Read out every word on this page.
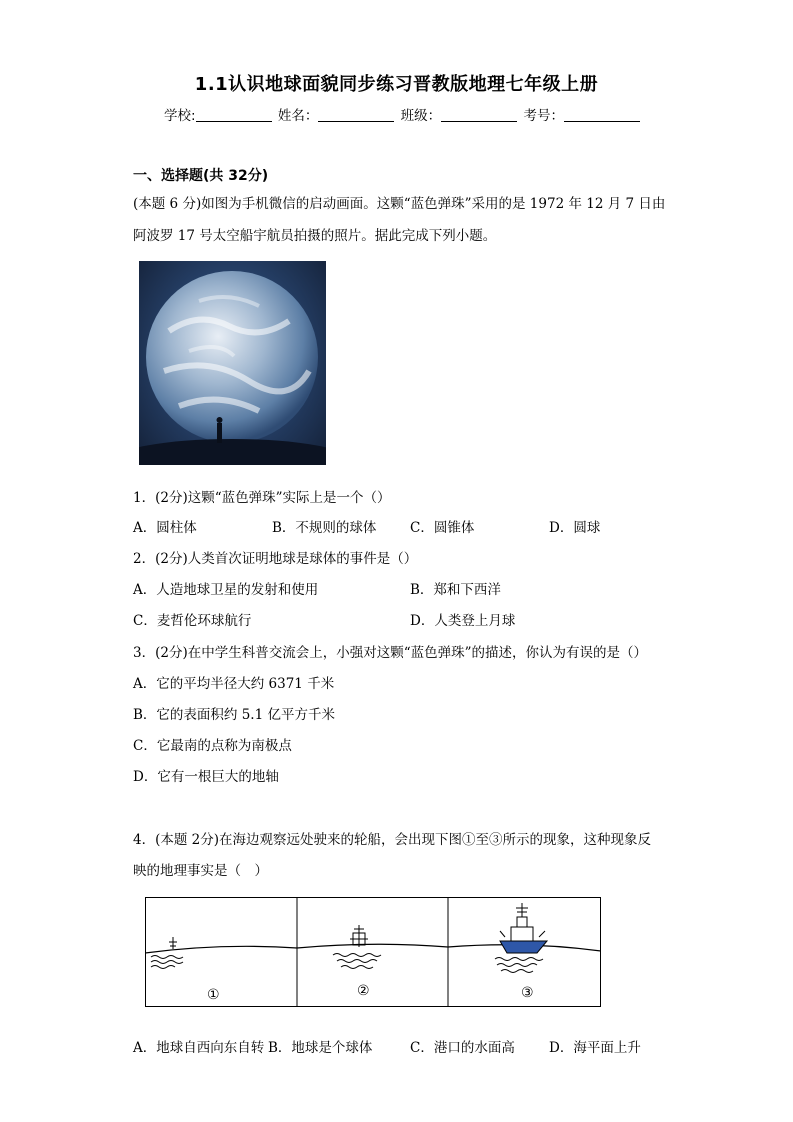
1.1认识地球面貌同步练习晋教版地理七年级上册
学校:	姓名：	班级：	考号：
一、选择题(共 32分)
(本题 6 分)如图为手机微信的启动画面。这颗“蓝色弹珠”采用的是 1972 年 12 月 7 日由
阿波罗 17 号太空船宇航员拍摄的照片。据此完成下列小题。
1．(2分)这颗“蓝色弹珠”实际上是一个（）
A．圆柱体	B．不规则的球体 C．圆锥体	D．圆球
2．(2分)人类首次证明地球是球体的事件是（）
A．人造地球卫星的发射和使用	B．郑和下西洋
C．麦哲伦环球航行	D．人类登上月球
3．(2分)在中学生科普交流会上，小强对这颗“蓝色弹珠”的描述，你认为有误的是（）
A．它的平均半径大约 6371 千米
B．它的表面积约 5.1 亿平方千米
C．它最南的点称为南极点
D．它有一根巨大的地轴
4．(本题 2分)在海边观察远处驶来的轮船，会出现下图①至③所示的现象，这种现象反
映的地理事实是（　）
①	②	③
A．地球自西向东自转 B．地球是个球体	C．港口的水面高	D．海平面上升
